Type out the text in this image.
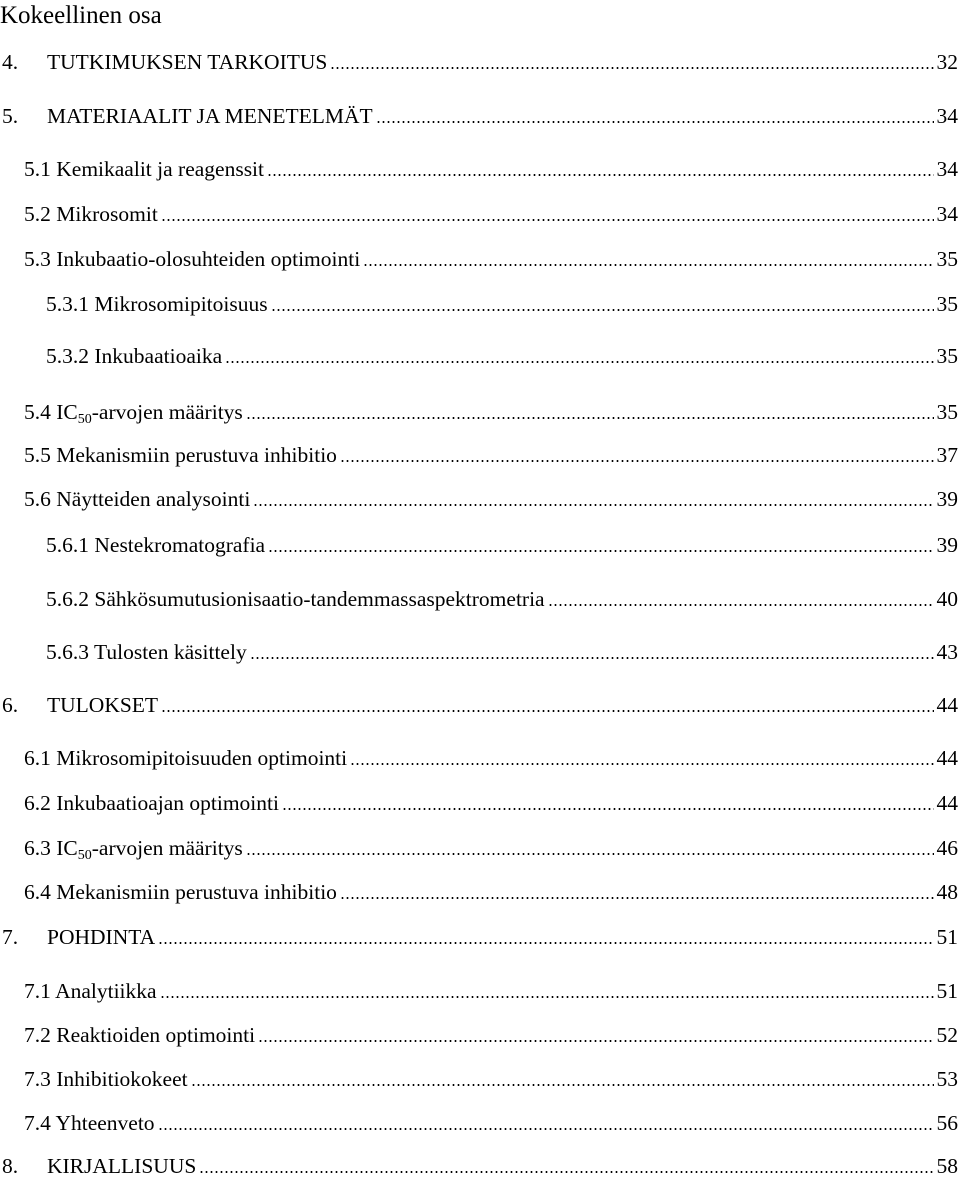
Kokeellinen osa
4. TUTKIMUKSEN TARKOITUS	32
5. MATERIAALIT JA MENETELMÄT	34
5.1 Kemikaalit ja reagenssit	34
5.2 Mikrosomit	34
5.3 Inkubaatio-olosuhteiden optimointi	35
5.3.1 Mikrosomipitoisuus	35
5.3.2 Inkubaatioaika	35
5.4 $IC_{50}$-arvojen määritys	35
5.5 Mekanismiin perustuva inhibitio	37
5.6 Näytteiden analysointi	39
5.6.1 Nestekromatografia	39
5.6.2 Sähkösumutusionisaatio-tandemmassaspektrometria	40
5.6.3 Tulosten käsittely	43
6. TULOKSET	44
6.1 Mikrosomipitoisuuden optimointi	44
6.2 Inkubaatioajan optimointi	44
6.3 $IC_{50}$-arvojen määritys	46
6.4 Mekanismiin perustuva inhibitio	48
7. POHDINTA	51
7.1 Analytiikka	51
7.2 Reaktioiden optimointi	52
7.3 Inhibitiokokeet	53
7.4 Yhteenveto	56
8. KIRJALLISUUS	58
